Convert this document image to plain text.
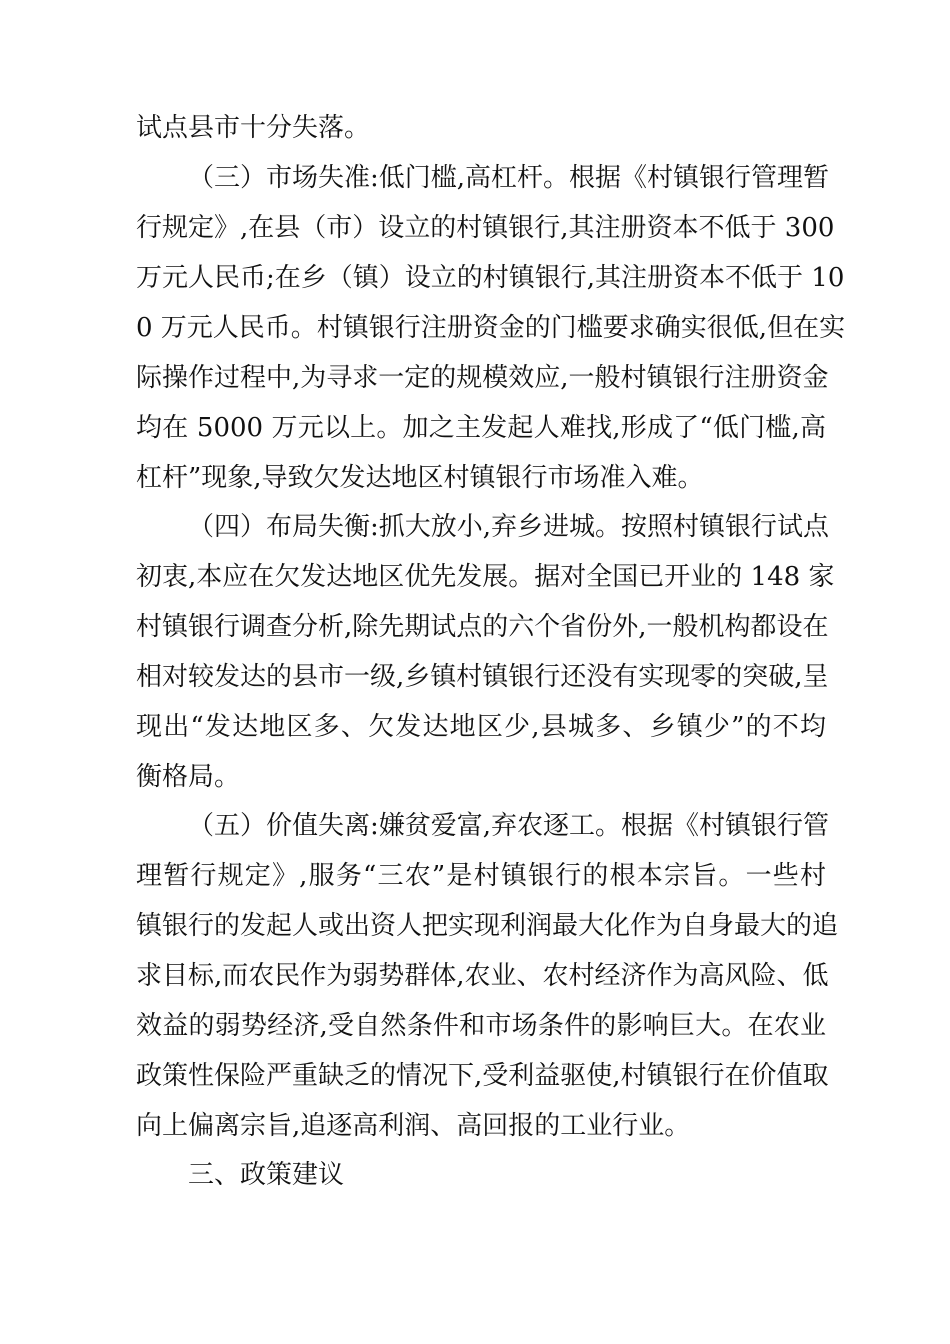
试点县市十分失落。
（三）市场失准:低门槛,高杠杆。根据《村镇银行管理暂
行规定》,在县（市）设立的村镇银行,其注册资本不低于 300
万元人民币;在乡（镇）设立的村镇银行,其注册资本不低于 10
0 万元人民币。村镇银行注册资金的门槛要求确实很低,但在实
际操作过程中,为寻求一定的规模效应,一般村镇银行注册资金
均在 5000 万元以上。加之主发起人难找,形成了“低门槛,高
杠杆”现象,导致欠发达地区村镇银行市场准入难。
（四）布局失衡:抓大放小,弃乡进城。按照村镇银行试点
初衷,本应在欠发达地区优先发展。据对全国已开业的 148 家
村镇银行调查分析,除先期试点的六个省份外,一般机构都设在
相对较发达的县市一级,乡镇村镇银行还没有实现零的突破,呈
现出“发达地区多、欠发达地区少,县城多、乡镇少”的不均
衡格局。
（五）价值失离:嫌贫爱富,弃农逐工。根据《村镇银行管
理暂行规定》,服务“三农”是村镇银行的根本宗旨。一些村
镇银行的发起人或出资人把实现利润最大化作为自身最大的追
求目标,而农民作为弱势群体,农业、农村经济作为高风险、低
效益的弱势经济,受自然条件和市场条件的影响巨大。在农业
政策性保险严重缺乏的情况下,受利益驱使,村镇银行在价值取
向上偏离宗旨,追逐高利润、高回报的工业行业。
三、政策建议
